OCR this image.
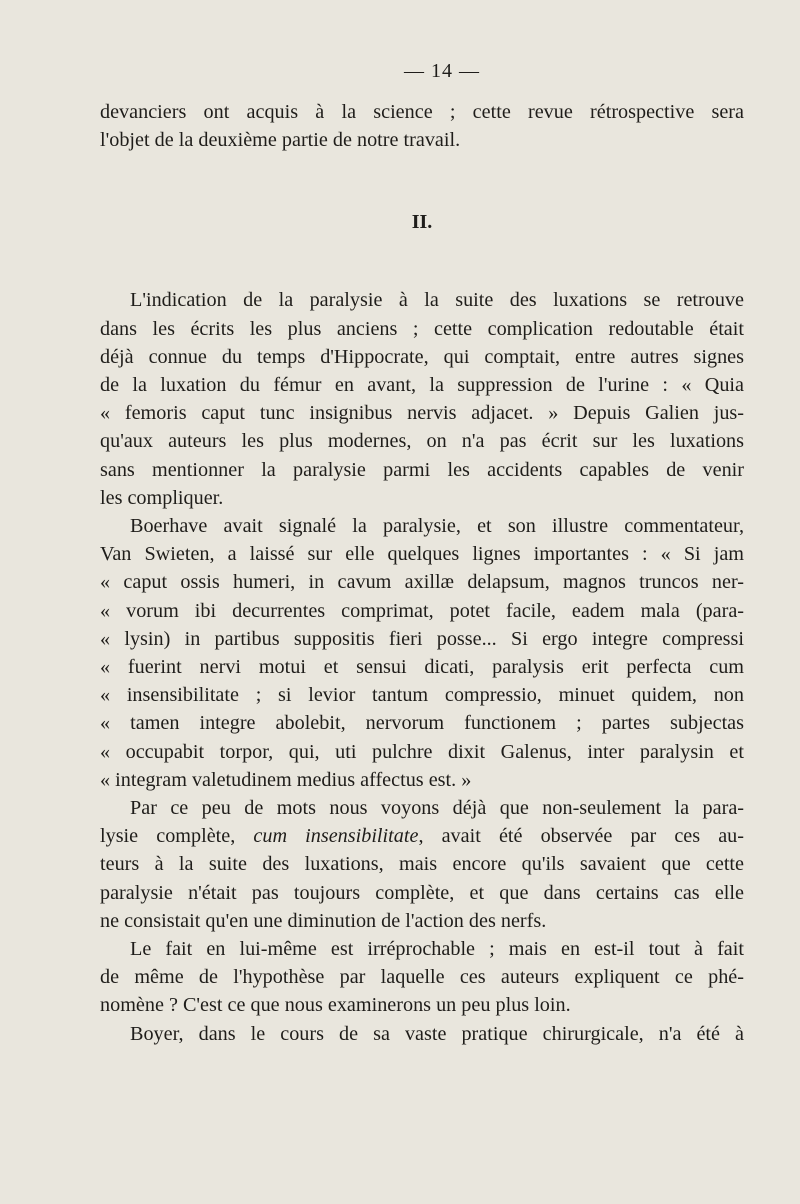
— 14 —
devanciers ont acquis à la science ; cette revue rétrospective sera
l'objet de la deuxième partie de notre travail.
II.
L'indication de la paralysie à la suite des luxations se retrouve
dans les écrits les plus anciens ; cette complication redoutable était
déjà connue du temps d'Hippocrate, qui comptait, entre autres signes
de la luxation du fémur en avant, la suppression de l'urine : « Quia
« femoris caput tunc insignibus nervis adjacet. » Depuis Galien jus-
qu'aux auteurs les plus modernes, on n'a pas écrit sur les luxations
sans mentionner la paralysie parmi les accidents capables de venir
les compliquer.
Boerhave avait signalé la paralysie, et son illustre commentateur,
Van Swieten, a laissé sur elle quelques lignes importantes : « Si jam
« caput ossis humeri, in cavum axillæ delapsum, magnos truncos ner-
« vorum ibi decurrentes comprimat, potet facile, eadem mala (para-
« lysin) in partibus suppositis fieri posse... Si ergo integre compressi
« fuerint nervi motui et sensui dicati, paralysis erit perfecta cum
« insensibilitate ; si levior tantum compressio, minuet quidem, non
« tamen integre abolebit, nervorum functionem ; partes subjectas
« occupabit torpor, qui, uti pulchre dixit Galenus, inter paralysin et
« integram valetudinem medius affectus est. »
Par ce peu de mots nous voyons déjà que non-seulement la para-
lysie complète, cum insensibilitate, avait été observée par ces au-
teurs à la suite des luxations, mais encore qu'ils savaient que cette
paralysie n'était pas toujours complète, et que dans certains cas elle
ne consistait qu'en une diminution de l'action des nerfs.
Le fait en lui-même est irréprochable ; mais en est-il tout à fait
de même de l'hypothèse par laquelle ces auteurs expliquent ce phé-
nomène ? C'est ce que nous examinerons un peu plus loin.
Boyer, dans le cours de sa vaste pratique chirurgicale, n'a été à
